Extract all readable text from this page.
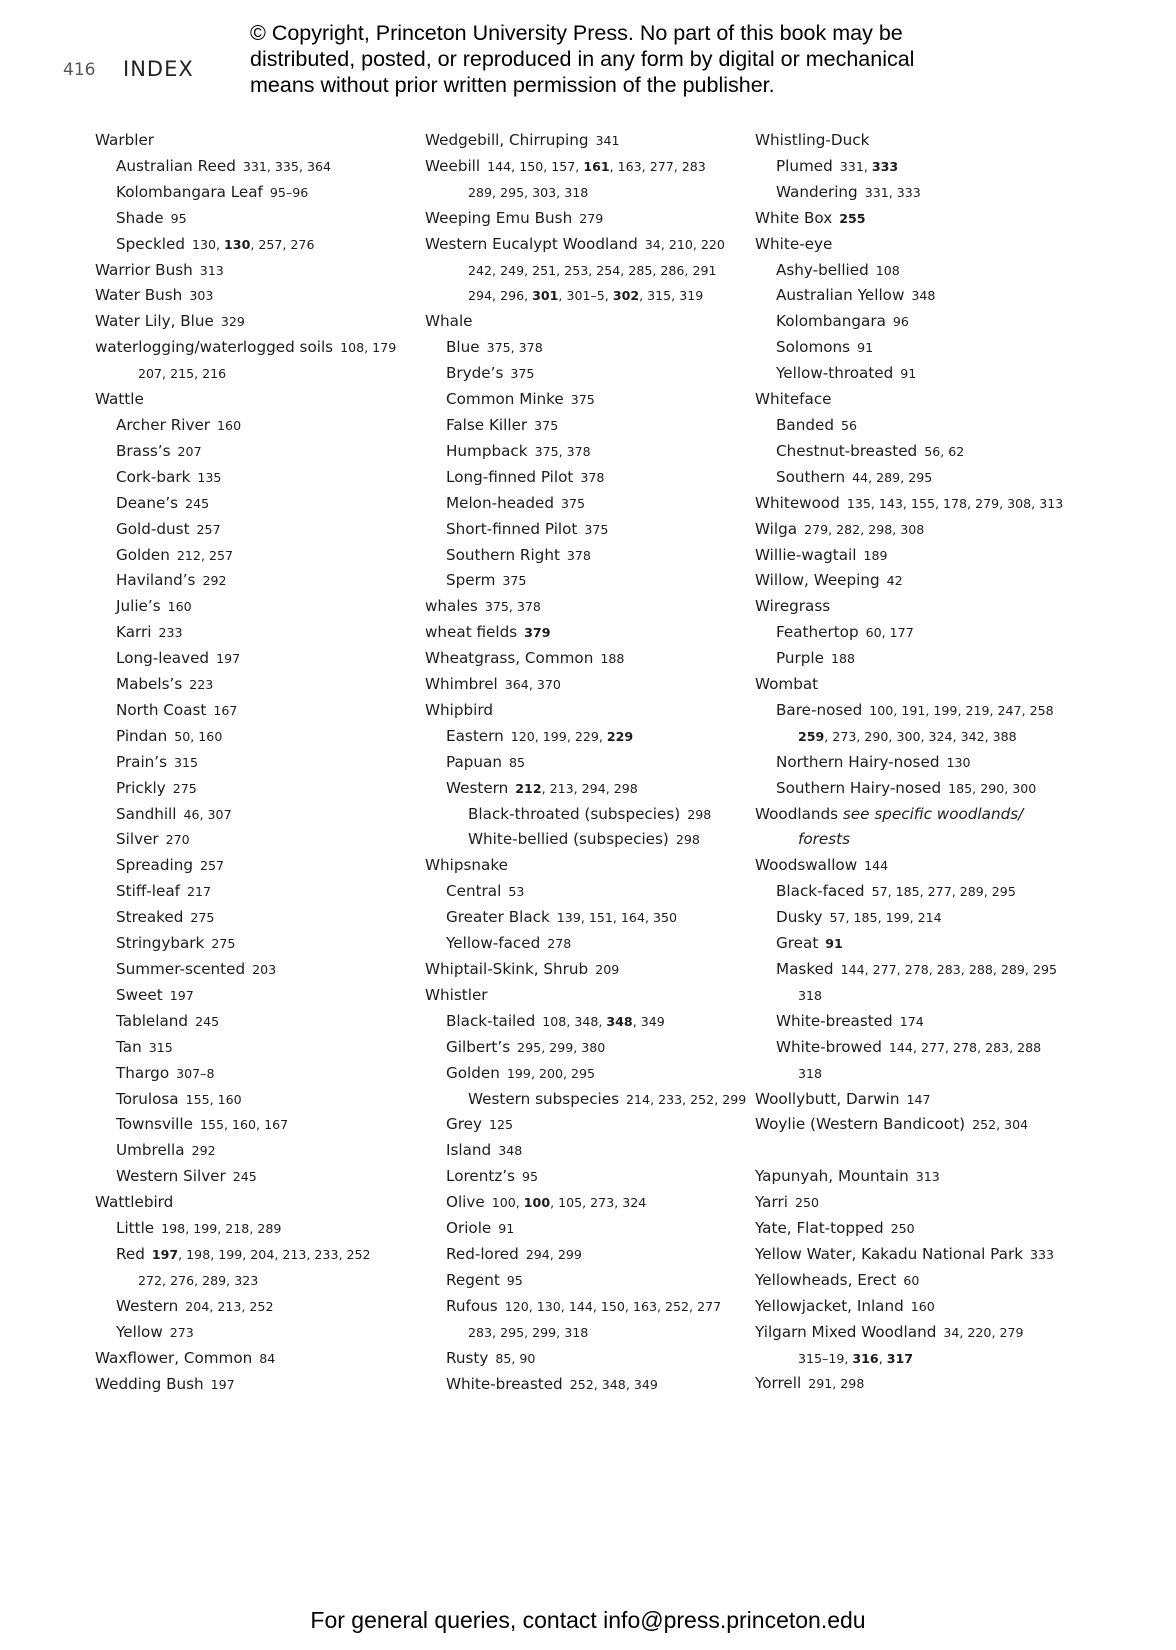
416 INDEX
© Copyright, Princeton University Press. No part of this book may be
distributed, posted, or reproduced in any form by digital or mechanical
means without prior written permission of the publisher.
Warbler
Australian Reed 331, 335, 364
Kolombangara Leaf 95–96
Shade 95
Speckled 130, 130, 257, 276
Warrior Bush 313
Water Bush 303
Water Lily, Blue 329
waterlogging/waterlogged soils 108, 179
207, 215, 216
Wattle
Archer River 160
Brass’s 207
Cork-bark 135
Deane’s 245
Gold-dust 257
Golden 212, 257
Haviland’s 292
Julie’s 160
Karri 233
Long-leaved 197
Mabels’s 223
North Coast 167
Pindan 50, 160
Prain’s 315
Prickly 275
Sandhill 46, 307
Silver 270
Spreading 257
Stiff-leaf 217
Streaked 275
Stringybark 275
Summer-scented 203
Sweet 197
Tableland 245
Tan 315
Thargo 307–8
Torulosa 155, 160
Townsville 155, 160, 167
Umbrella 292
Western Silver 245
Wattlebird
Little 198, 199, 218, 289
Red 197, 198, 199, 204, 213, 233, 252
272, 276, 289, 323
Western 204, 213, 252
Yellow 273
Waxflower, Common 84
Wedding Bush 197
Wedgebill, Chirruping 341
Weebill 144, 150, 157, 161, 163, 277, 283
289, 295, 303, 318
Weeping Emu Bush 279
Western Eucalypt Woodland 34, 210, 220
242, 249, 251, 253, 254, 285, 286, 291
294, 296, 301, 301–5, 302, 315, 319
Whale
Blue 375, 378
Bryde’s 375
Common Minke 375
False Killer 375
Humpback 375, 378
Long-finned Pilot 378
Melon-headed 375
Short-finned Pilot 375
Southern Right 378
Sperm 375
whales 375, 378
wheat fields 379
Wheatgrass, Common 188
Whimbrel 364, 370
Whipbird
Eastern 120, 199, 229, 229
Papuan 85
Western 212, 213, 294, 298
Black-throated (subspecies) 298
White-bellied (subspecies) 298
Whipsnake
Central 53
Greater Black 139, 151, 164, 350
Yellow-faced 278
Whiptail-Skink, Shrub 209
Whistler
Black-tailed 108, 348, 348, 349
Gilbert’s 295, 299, 380
Golden 199, 200, 295
Western subspecies 214, 233, 252, 299
Grey 125
Island 348
Lorentz’s 95
Olive 100, 100, 105, 273, 324
Oriole 91
Red-lored 294, 299
Regent 95
Rufous 120, 130, 144, 150, 163, 252, 277
283, 295, 299, 318
Rusty 85, 90
White-breasted 252, 348, 349
Whistling-Duck
Plumed 331, 333
Wandering 331, 333
White Box 255
White-eye
Ashy-bellied 108
Australian Yellow 348
Kolombangara 96
Solomons 91
Yellow-throated 91
Whiteface
Banded 56
Chestnut-breasted 56, 62
Southern 44, 289, 295
Whitewood 135, 143, 155, 178, 279, 308, 313
Wilga 279, 282, 298, 308
Willie-wagtail 189
Willow, Weeping 42
Wiregrass
Feathertop 60, 177
Purple 188
Wombat
Bare-nosed 100, 191, 199, 219, 247, 258
259, 273, 290, 300, 324, 342, 388
Northern Hairy-nosed 130
Southern Hairy-nosed 185, 290, 300
Woodlands see specific woodlands/
forests
Woodswallow 144
Black-faced 57, 185, 277, 289, 295
Dusky 57, 185, 199, 214
Great 91
Masked 144, 277, 278, 283, 288, 289, 295
318
White-breasted 174
White-browed 144, 277, 278, 283, 288
318
Woollybutt, Darwin 147
Woylie (Western Bandicoot) 252, 304
Yapunyah, Mountain 313
Yarri 250
Yate, Flat-topped 250
Yellow Water, Kakadu National Park 333
Yellowheads, Erect 60
Yellowjacket, Inland 160
Yilgarn Mixed Woodland 34, 220, 279
315–19, 316, 317
Yorrell 291, 298
For general queries, contact info@press.princeton.edu
